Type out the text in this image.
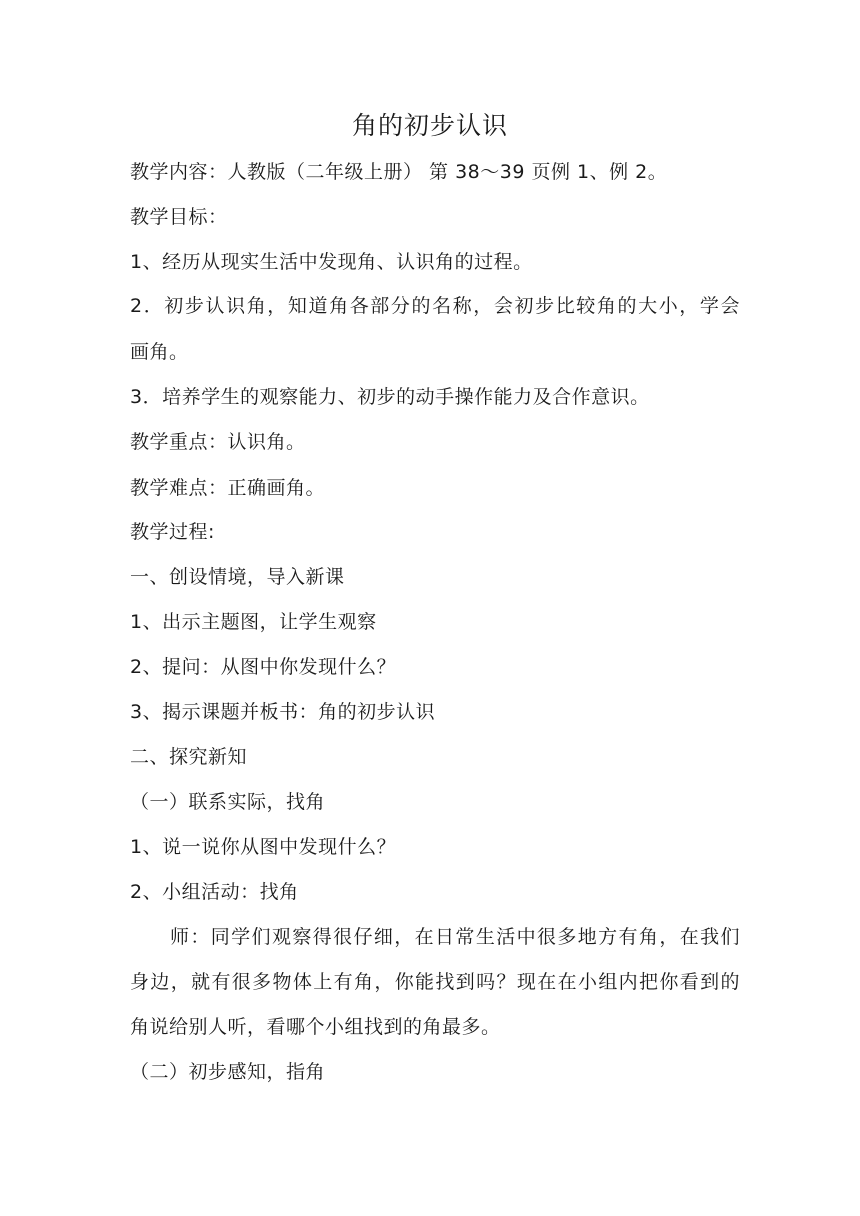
角的初步认识
教学内容：人教版（二年级上册） 第 38～39 页例 1、例 2。
教学目标：
1、经历从现实生活中发现角、认识角的过程。
2．初步认识角，知道角各部分的名称，会初步比较角的大小，学会
画角。
3．培养学生的观察能力、初步的动手操作能力及合作意识。
教学重点：认识角。
教学难点：正确画角。
教学过程:
一、创设情境，导入新课
1、出示主题图，让学生观察
2、提问：从图中你发现什么？
3、揭示课题并板书：角的初步认识
二、探究新知
（一）联系实际，找角
1、说一说你从图中发现什么？
2、小组活动：找角
师：同学们观察得很仔细，在日常生活中很多地方有角，在我们
身边，就有很多物体上有角，你能找到吗？现在在小组内把你看到的
角说给别人听，看哪个小组找到的角最多。
（二）初步感知，指角
